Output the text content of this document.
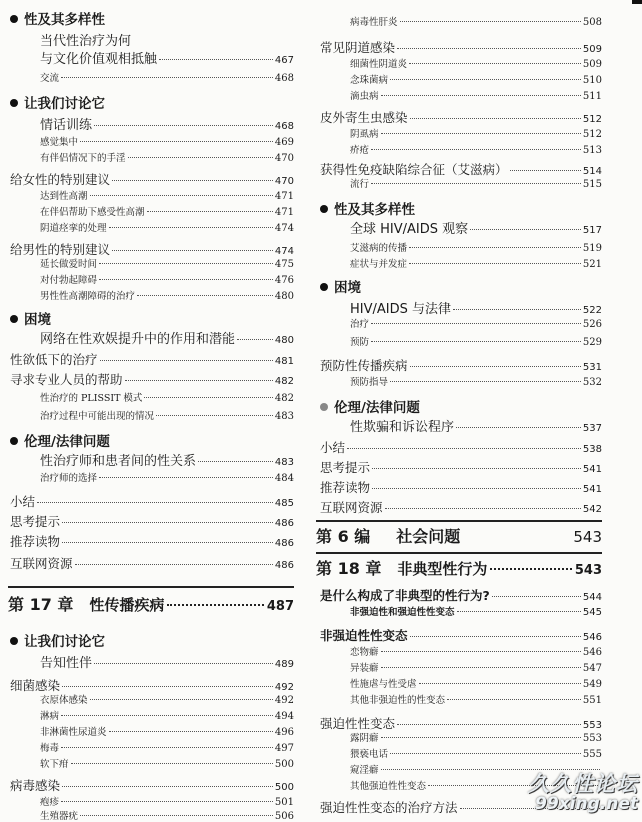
性及其多样性
当代性治疗为何
与文化价值观相抵触	467
交流	468
让我们讨论它
情话训练	468
感觉集中	469
有伴侣情况下的手淫	470
给女性的特别建议	470
达到性高潮	471
在伴侣帮助下感受性高潮	471
阴道痉挛的处理	474
给男性的特别建议	474
延长做爱时间	475
对付勃起障碍	476
男性性高潮障碍的治疗	480
困境
网络在性欢娱提升中的作用和潜能	480
性欲低下的治疗	481
寻求专业人员的帮助	482
性治疗的 PLISSIT 模式	482
治疗过程中可能出现的情况	483
伦理/法律问题
性治疗师和患者间的性关系	483
治疗师的选择	484
小结	485
思考提示	486
推荐读物	486
互联网资源	486
让我们讨论它
告知性伴	489
细菌感染	492
衣原体感染	492
淋病	494
非淋菌性尿道炎	496
梅毒	497
软下疳	500
病毒感染	500
疱疹	501
生殖器疣	506
病毒性肝炎	508
常见阴道感染	509
细菌性阴道炎	509
念珠菌病	510
滴虫病	511
皮外寄生虫感染	512
阴虱病	512
疥疮	513
获得性免疫缺陷综合征（艾滋病）	514
流行	515
性及其多样性
全球 HIV/AIDS 观察	517
艾滋病的传播	519
症状与并发症	521
困境
HIV/AIDS 与法律	522
治疗	526
预防	529
预防性传播疾病	531
预防指导	532
伦理/法律问题
性欺骗和诉讼程序	537
小结	538
思考提示	541
推荐读物	541
互联网资源	542
是什么构成了非典型的性行为?	544
非强迫性和强迫性性变态	545
非强迫性性变态	546
恋物癖	546
异装癖	547
性施虐与性受虐	549
其他非强迫性的性变态	551
强迫性性变态	553
露阴癖	553
猥亵电话	555
窥淫癖
其他强迫性性变态
强迫性性变态的治疗方法
第 17 章 性传播疾病	487
第 6 编 社会问题	543
第 18 章 非典型性行为	543
久久性论坛
99xing.net
